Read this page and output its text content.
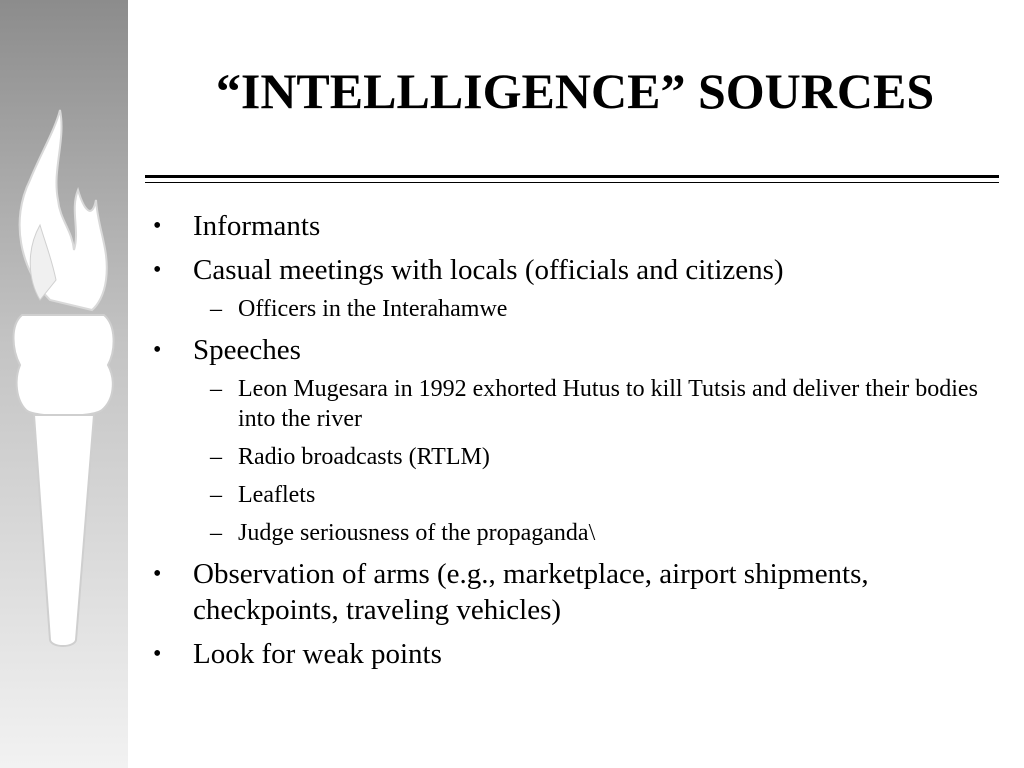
“INTELLLIGENCE” SOURCES
• Informants
• Casual meetings with locals (officials and citizens)
– Officers in the Interahamwe
• Speeches
– Leon Mugesara in 1992 exhorted Hutus to kill Tutsis and deliver their bodies into the river
– Radio broadcasts (RTLM)
– Leaflets
– Judge seriousness of the propaganda\
• Observation of arms (e.g., marketplace, airport shipments, checkpoints, traveling vehicles)
• Look for weak points
